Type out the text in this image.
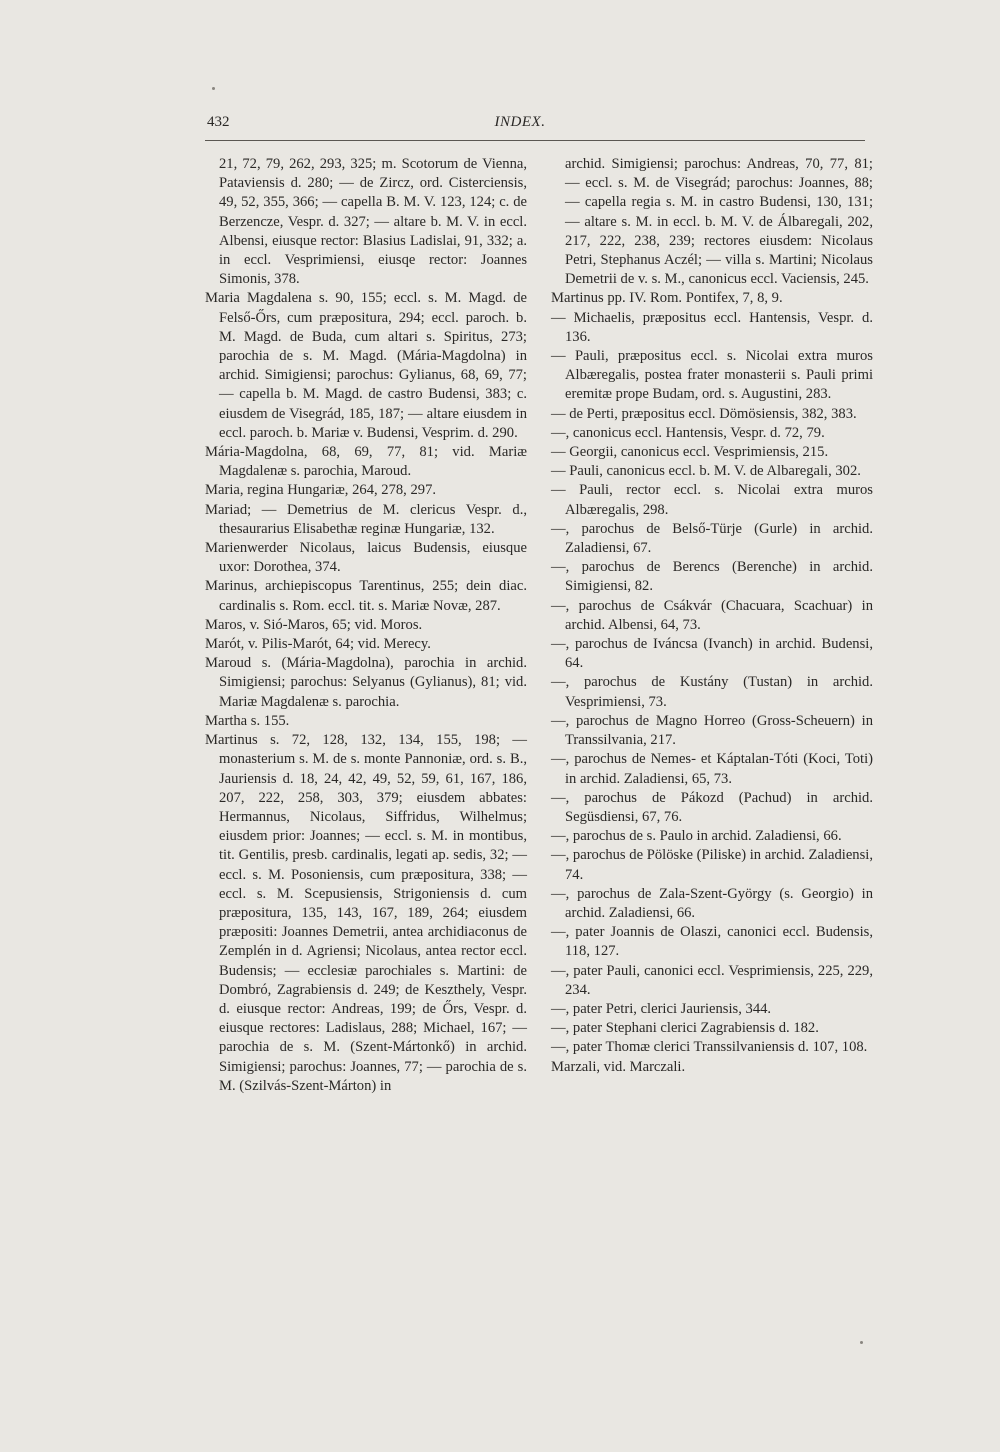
432	INDEX.

21, 72, 79, 262, 293, 325; m. Scotorum de Vienna, Pataviensis d. 280; — de Zircz, ord. Cisterciensis, 49, 52, 355, 366; — capella B. M. V. 123, 124; c. de Berzencze, Vespr. d. 327; — altare b. M. V. in eccl. Albensi, eiusque rector: Blasius Ladislai, 91, 332; a. in eccl. Vesprimiensi, eiusqe rector: Joannes Simonis, 378.

Maria Magdalena s. 90, 155; eccl. s. M. Magd. de Felső-Őrs, cum præpositura, 294; eccl. paroch. b. M. Magd. de Buda, cum altari s. Spiritus, 273; parochia de s. M. Magd. (Mária-Magdolna) in archid. Simigiensi; parochus: Gylianus, 68, 69, 77; — capella b. M. Magd. de castro Budensi, 383; c. eiusdem de Visegrád, 185, 187; — altare eiusdem in eccl. paroch. b. Mariæ v. Budensi, Vesprim. d. 290.

Mária-Magdolna, 68, 69, 77, 81; vid. Mariæ Magdalenæ s. parochia, Maroud.

Maria, regina Hungariæ, 264, 278, 297.

Mariad; — Demetrius de M. clericus Vespr. d., thesaurarius Elisabethæ reginæ Hungariæ, 132.

Marienwerder Nicolaus, laicus Budensis, eiusque uxor: Dorothea, 374.

Marinus, archiepiscopus Tarentinus, 255; dein diac. cardinalis s. Rom. eccl. tit. s. Mariæ Novæ, 287.

Maros, v. Sió-Maros, 65; vid. Moros.

Marót, v. Pilis-Marót, 64; vid. Merecy.

Maroud s. (Mária-Magdolna), parochia in archid. Simigiensi; parochus: Selyanus (Gylianus), 81; vid. Mariæ Magdalenæ s. parochia.

Martha s. 155.

Martinus s. 72, 128, 132, 134, 155, 198; — monasterium s. M. de s. monte Pannoniæ, ord. s. B., Jauriensis d. 18, 24, 42, 49, 52, 59, 61, 167, 186, 207, 222, 258, 303, 379; eiusdem abbates: Hermannus, Nicolaus, Siffridus, Wilhelmus; eiusdem prior: Joannes; — eccl. s. M. in montibus, tit. Gentilis, presb. cardinalis, legati ap. sedis, 32; — eccl. s. M. Posoniensis, cum præpositura, 338; — eccl. s. M. Scepusiensis, Strigoniensis d. cum præpositura, 135, 143, 167, 189, 264; eiusdem præpositi: Joannes Demetrii, antea archidiaconus de Zemplén in d. Agriensi; Nicolaus, antea rector eccl. Budensis; — ecclesiæ parochiales s. Martini: de Dombró, Zagrabiensis d. 249; de Keszthely, Vespr. d. eiusque rector: Andreas, 199; de Őrs, Vespr. d. eiusque rectores: Ladislaus, 288; Michael, 167; — parochia de s. M. (Szent-Mártonkő) in archid. Simigiensi; parochus: Joannes, 77; — parochia de s. M. (Szilvás-Szent-Márton) in

archid. Simigiensi; parochus: Andreas, 70, 77, 81; — eccl. s. M. de Visegrád; parochus: Joannes, 88; — capella regia s. M. in castro Budensi, 130, 131; — altare s. M. in eccl. b. M. V. de Álbaregali, 202, 217, 222, 238, 239; rectores eiusdem: Nicolaus Petri, Stephanus Aczél; — villa s. Martini; Nicolaus Demetrii de v. s. M., canonicus eccl. Vaciensis, 245.

Martinus pp. IV. Rom. Pontifex, 7, 8, 9.

— Michaelis, præpositus eccl. Hantensis, Vespr. d. 136.

— Pauli, præpositus eccl. s. Nicolai extra muros Albæregalis, postea frater monasterii s. Pauli primi eremitæ prope Budam, ord. s. Augustini, 283.

— de Perti, præpositus eccl. Dömösiensis, 382, 383.

—, canonicus eccl. Hantensis, Vespr. d. 72, 79.

— Georgii, canonicus eccl. Vesprimiensis, 215.

— Pauli, canonicus eccl. b. M. V. de Albaregali, 302.

— Pauli, rector eccl. s. Nicolai extra muros Albæregalis, 298.

—, parochus de Belső-Türje (Gurle) in archid. Zaladiensi, 67.

—, parochus de Berencs (Berenche) in archid. Simigiensi, 82.

—, parochus de Csákvár (Chacuara, Scachuar) in archid. Albensi, 64, 73.

—, parochus de Iváncsa (Ivanch) in archid. Budensi, 64.

—, parochus de Kustány (Tustan) in archid. Vesprimiensi, 73.

—, parochus de Magno Horreo (Gross-Scheuern) in Transsilvania, 217.

—, parochus de Nemes- et Káptalan-Tóti (Koci, Toti) in archid. Zaladiensi, 65, 73.

—, parochus de Pákozd (Pachud) in archid. Següsdiensi, 67, 76.

—, parochus de s. Paulo in archid. Zaladiensi, 66.

—, parochus de Pölöske (Piliske) in archid. Zaladiensi, 74.

—, parochus de Zala-Szent-György (s. Georgio) in archid. Zaladiensi, 66.

—, pater Joannis de Olaszi, canonici eccl. Budensis, 118, 127.

—, pater Pauli, canonici eccl. Vesprimiensis, 225, 229, 234.

—, pater Petri, clerici Jauriensis, 344.

—, pater Stephani clerici Zagrabiensis d. 182.

—, pater Thomæ clerici Transsilvaniensis d. 107, 108.

Marzali, vid. Marczali.
